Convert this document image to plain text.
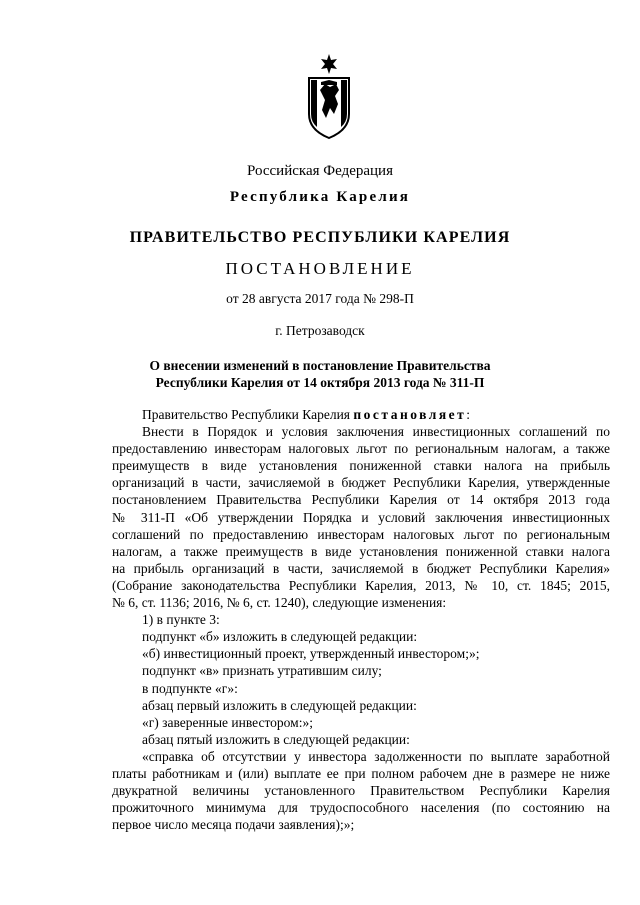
Российская Федерация
Республика Карелия
ПРАВИТЕЛЬСТВО РЕСПУБЛИКИ КАРЕЛИЯ
ПОСТАНОВЛЕНИЕ
от 28 августа 2017 года № 298-П
г. Петрозаводск
О внесении изменений в постановление Правительства
Республики Карелия от 14 октября 2013 года № 311-П
Правительство Республики Карелия постановляет:
Внести в Порядок и условия заключения инвестиционных соглашений по
предоставлению инвесторам налоговых льгот по региональным налогам, а также
преимуществ в виде установления пониженной ставки налога на прибыль
организаций в части, зачисляемой в бюджет Республики Карелия, утвержденные
постановлением Правительства Республики Карелия от 14 октября 2013 года
№ 311-П «Об утверждении Порядка и условий заключения инвестиционных
соглашений по предоставлению инвесторам налоговых льгот по региональным
налогам, а также преимуществ в виде установления пониженной ставки налога
на прибыль организаций в части, зачисляемой в бюджет Республики Карелия»
(Собрание законодательства Республики Карелия, 2013, № 10, ст. 1845; 2015,
№ 6, ст. 1136; 2016, № 6, ст. 1240), следующие изменения:
1) в пункте 3:
подпункт «б» изложить в следующей редакции:
«б) инвестиционный проект, утвержденный инвестором;»;
подпункт «в» признать утратившим силу;
в подпункте «г»:
абзац первый изложить в следующей редакции:
«г) заверенные инвестором:»;
абзац пятый изложить в следующей редакции:
«справка об отсутствии у инвестора задолженности по выплате заработной
платы работникам и (или) выплате ее при полном рабочем дне в размере не ниже
двукратной величины установленного Правительством Республики Карелия
прожиточного минимума для трудоспособного населения (по состоянию на
первое число месяца подачи заявления);»;
